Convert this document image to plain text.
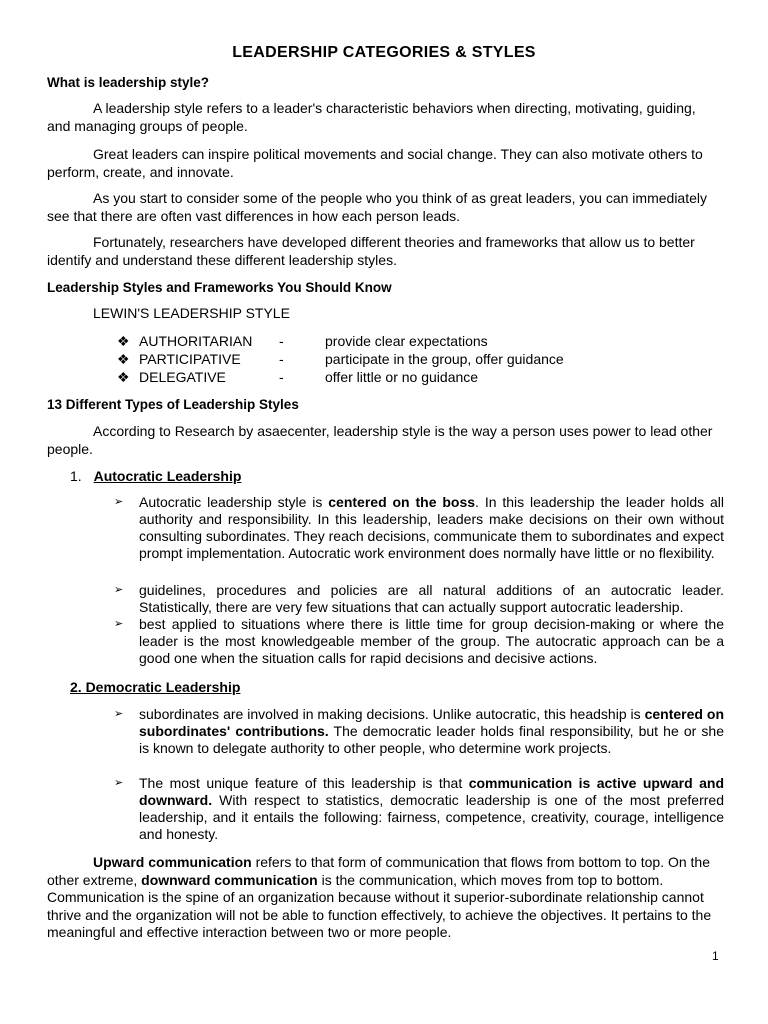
LEADERSHIP CATEGORIES & STYLES
What is leadership style?
A leadership style refers to a leader's characteristic behaviors when directing, motivating, guiding, and managing groups of people.
Great leaders can inspire political movements and social change. They can also motivate others to perform, create, and innovate.
As you start to consider some of the people who you think of as great leaders, you can immediately see that there are often vast differences in how each person leads.
Fortunately, researchers have developed different theories and frameworks that allow us to better identify and understand these different leadership styles.
Leadership Styles and Frameworks You Should Know
LEWIN'S LEADERSHIP STYLE
❖ AUTHORITARIAN -	provide clear expectations
❖ PARTICIPATIVE	-	participate in the group, offer guidance
❖ DELEGATIVE	-	offer little or no guidance
13 Different Types of Leadership Styles
According to Research by asaecenter, leadership style is the way a person uses power to lead other people.
1. Autocratic Leadership
➢	Autocratic leadership style is centered on the boss. In this leadership the leader holds all authority and responsibility. In this leadership, leaders make decisions on their own without consulting subordinates. They reach decisions, communicate them to subordinates and expect prompt implementation. Autocratic work environment does normally have little or no flexibility.
➢	guidelines, procedures and policies are all natural additions of an autocratic leader. Statistically, there are very few situations that can actually support autocratic leadership.
➢	best applied to situations where there is little time for group decision-making or where the leader is the most knowledgeable member of the group. The autocratic approach can be a good one when the situation calls for rapid decisions and decisive actions.
2. Democratic Leadership
➢	subordinates are involved in making decisions. Unlike autocratic, this headship is centered on subordinates' contributions. The democratic leader holds final responsibility, but he or she is known to delegate authority to other people, who determine work projects.
➢	The most unique feature of this leadership is that communication is active upward and downward. With respect to statistics, democratic leadership is one of the most preferred leadership, and it entails the following: fairness, competence, creativity, courage, intelligence and honesty.
Upward communication refers to that form of communication that flows from bottom to top. On the other extreme, downward communication is the communication, which moves from top to bottom. Communication is the spine of an organization because without it superior-subordinate relationship cannot thrive and the organization will not be able to function effectively, to achieve the objectives. It pertains to the meaningful and effective interaction between two or more people.
1
